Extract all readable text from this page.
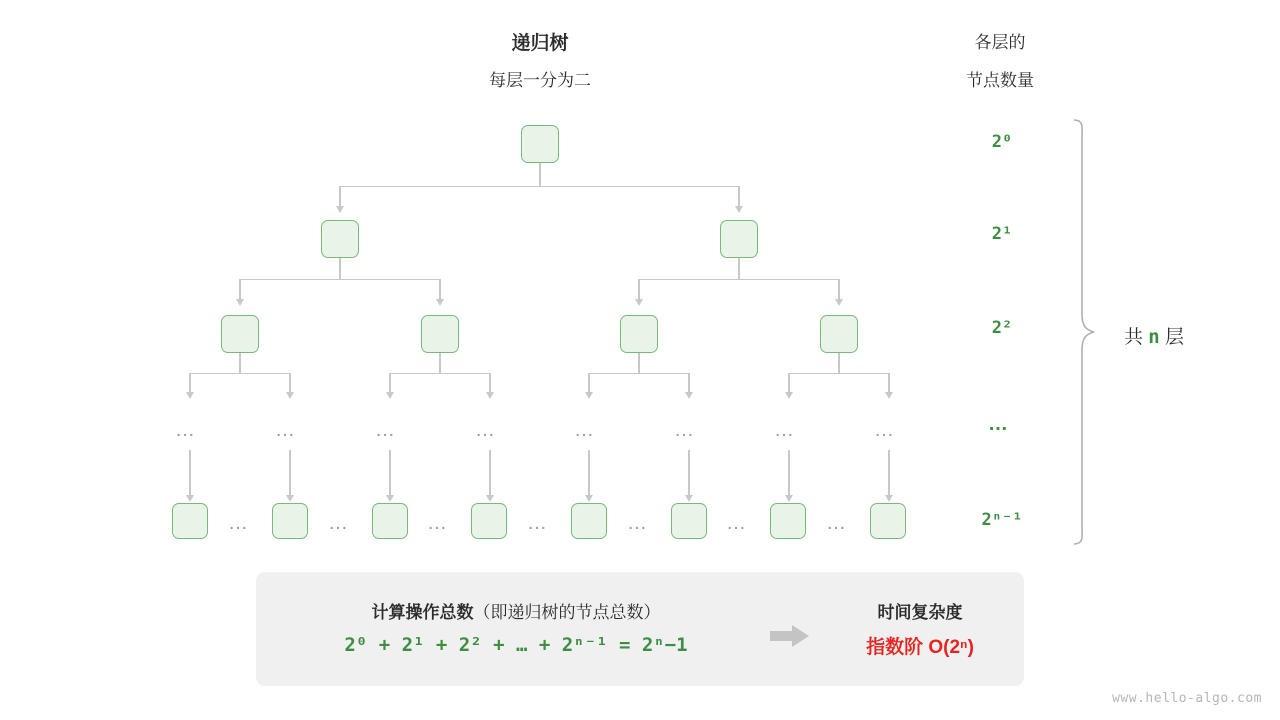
递归树
每层一分为二
各层的
节点数量
…	…	…	…	…	…	…	…
…	…	…	…	…	…	…
2⁰
2¹
2²
…
2ⁿ⁻¹
共 n 层
计算操作总数（即递归树的节点总数）
2⁰ + 2¹ + 2² + … + 2ⁿ⁻¹ = 2ⁿ−1
时间复杂度
指数阶 O(2ⁿ)
www.hello-algo.com
